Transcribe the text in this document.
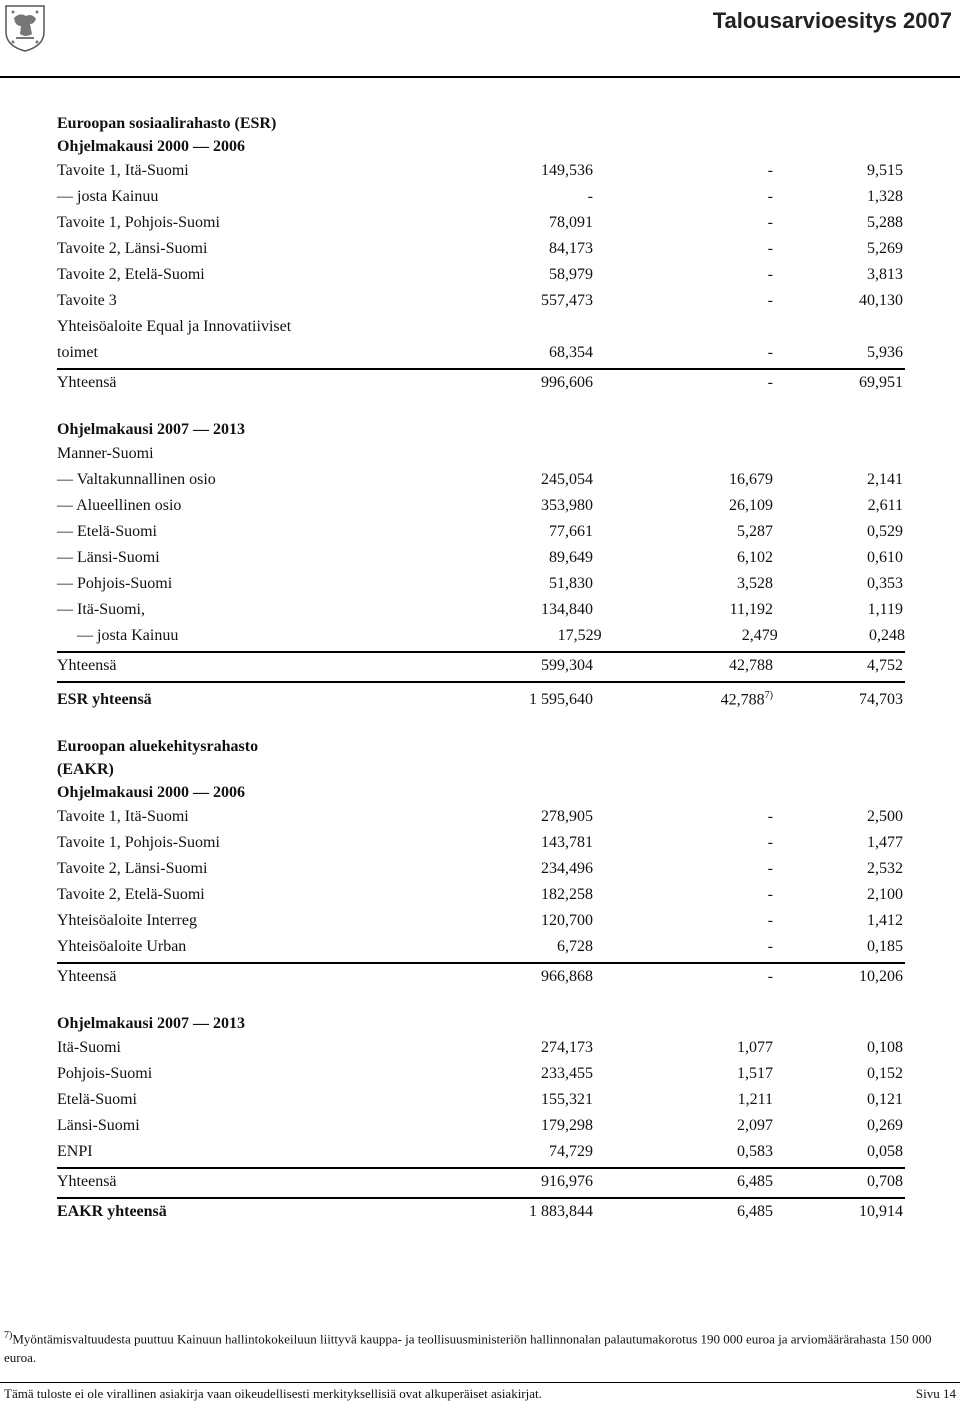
Talousarvioesitys 2007
Euroopan sosiaalirahasto (ESR)
Ohjelmakausi 2000 — 2006
Tavoite 1, Itä-Suomi	149,536	-	9,515
— josta Kainuu	-	-	1,328
Tavoite 1, Pohjois-Suomi	78,091	-	5,288
Tavoite 2, Länsi-Suomi	84,173	-	5,269
Tavoite 2, Etelä-Suomi	58,979	-	3,813
Tavoite 3	557,473	-	40,130
Yhteisöaloite Equal ja Innovatiiviset
toimet	68,354	-	5,936
Yhteensä	996,606	-	69,951
Ohjelmakausi 2007 — 2013
Manner-Suomi
— Valtakunnallinen osio	245,054	16,679	2,141
— Alueellinen osio	353,980	26,109	2,611
— Etelä-Suomi	77,661	5,287	0,529
— Länsi-Suomi	89,649	6,102	0,610
— Pohjois-Suomi	51,830	3,528	0,353
— Itä-Suomi,	134,840	11,192	1,119
— josta Kainuu	17,529	2,479	0,248
Yhteensä	599,304	42,788	4,752
ESR yhteensä	1 595,640	42,788$^{7)}$	74,703
Euroopan aluekehitysrahasto
(EAKR)
Ohjelmakausi 2000 — 2006
Tavoite 1, Itä-Suomi	278,905	-	2,500
Tavoite 1, Pohjois-Suomi	143,781	-	1,477
Tavoite 2, Länsi-Suomi	234,496	-	2,532
Tavoite 2, Etelä-Suomi	182,258	-	2,100
Yhteisöaloite Interreg	120,700	-	1,412
Yhteisöaloite Urban	6,728	-	0,185
Yhteensä	966,868	-	10,206
Ohjelmakausi 2007 — 2013
Itä-Suomi	274,173	1,077	0,108
Pohjois-Suomi	233,455	1,517	0,152
Etelä-Suomi	155,321	1,211	0,121
Länsi-Suomi	179,298	2,097	0,269
ENPI	74,729	0,583	0,058
Yhteensä	916,976	6,485	0,708
EAKR yhteensä	1 883,844	6,485	10,914
$^{7)}$Myöntämisvaltuudesta puuttuu Kainuun hallintokokeiluun liittyvä kauppa- ja teollisuusministeriön hallinnonalan palautumakorotus 190 000 euroa ja arviomäärärahasta 150 000 euroa.
Tämä tuloste ei ole virallinen asiakirja vaan oikeudellisesti merkityksellisiä ovat alkuperäiset asiakirjat.	Sivu 14
